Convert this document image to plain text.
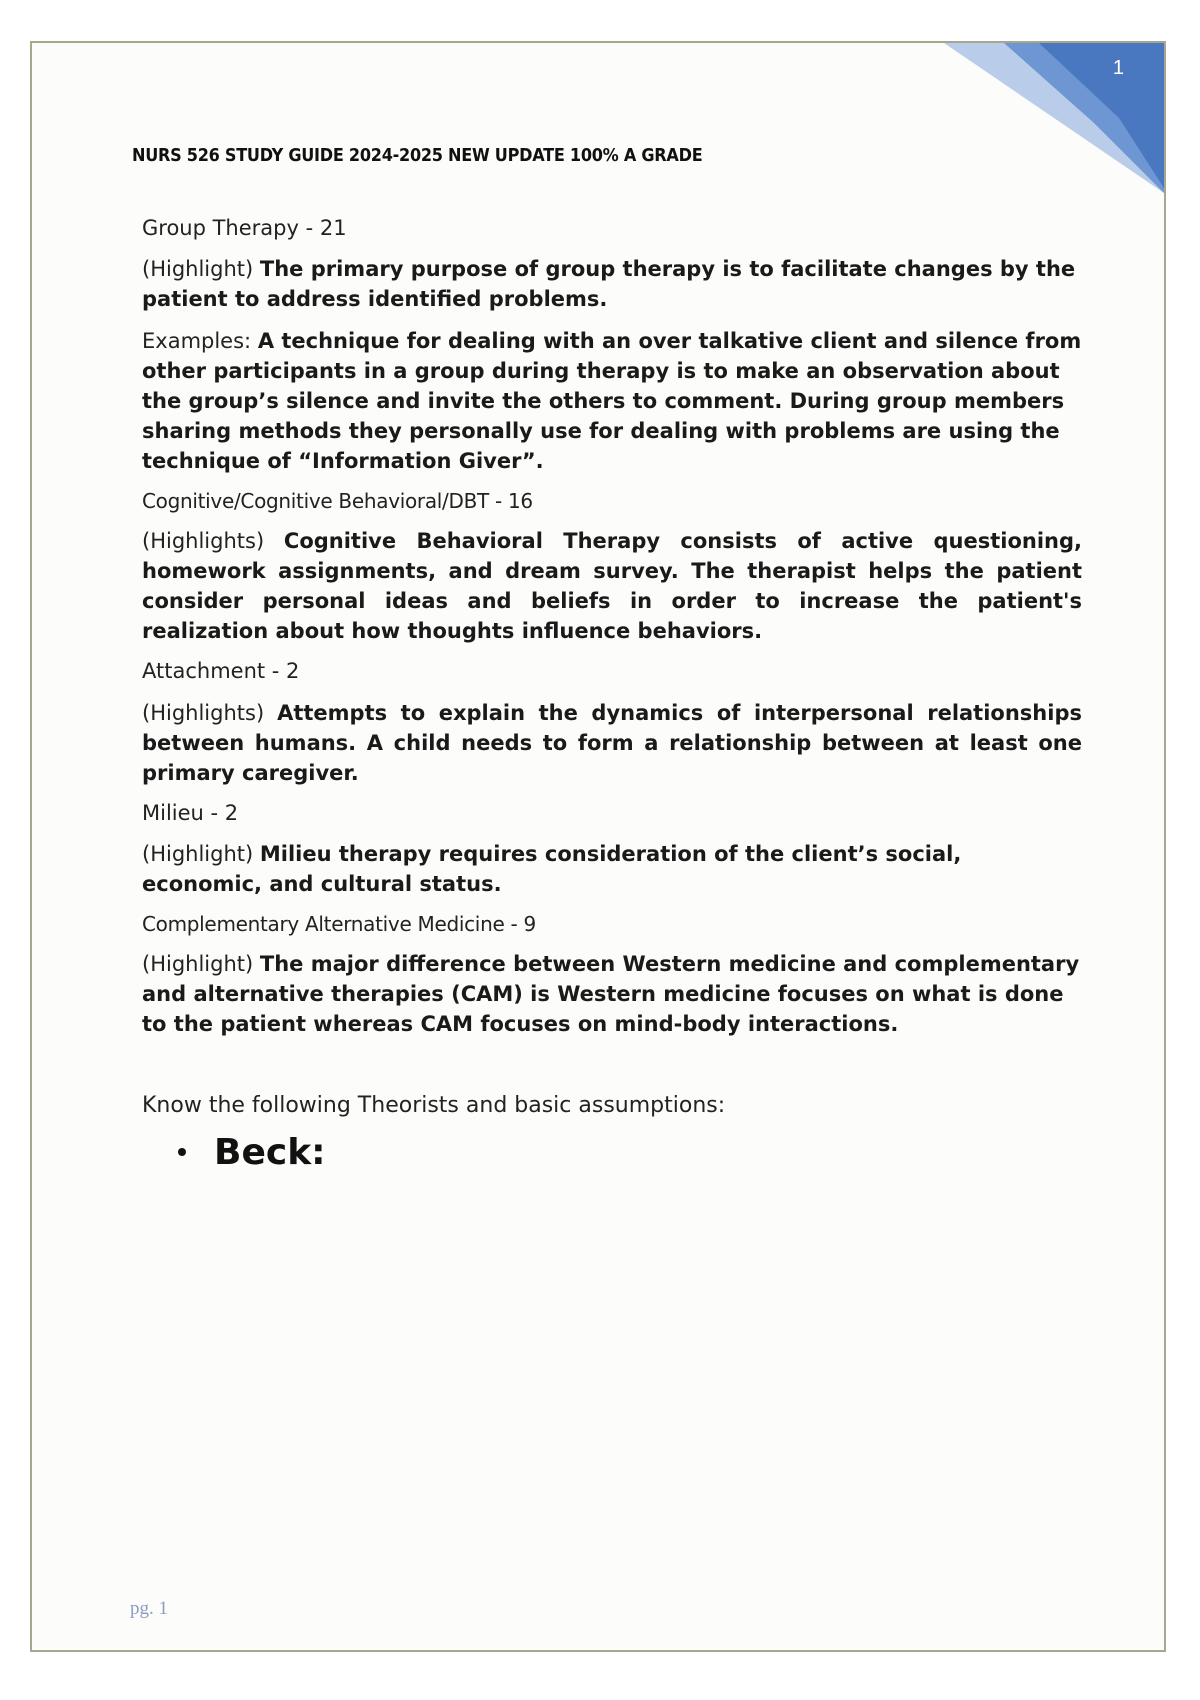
1
NURS 526 STUDY GUIDE 2024-2025 NEW UPDATE 100% A GRADE
Group Therapy - 21

(Highlight) The primary purpose of group therapy is to facilitate changes by the patient to address identified problems.

Examples: A technique for dealing with an over talkative client and silence from other participants in a group during therapy is to make an observation about the group’s silence and invite the others to comment. During group members sharing methods they personally use for dealing with problems are using the technique of “Information Giver”.

Cognitive/Cognitive Behavioral/DBT - 16

(Highlights) Cognitive Behavioral Therapy consists of active questioning, homework assignments, and dream survey. The therapist helps the patient consider personal ideas and beliefs in order to increase the patient's realization about how thoughts influence behaviors.

Attachment - 2

(Highlights) Attempts to explain the dynamics of interpersonal relationships between humans. A child needs to form a relationship between at least one primary caregiver.

Milieu - 2

(Highlight) Milieu therapy requires consideration of the client’s social, economic, and cultural status.

Complementary Alternative Medicine - 9

(Highlight) The major difference between Western medicine and complementary and alternative therapies (CAM) is Western medicine focuses on what is done to the patient whereas CAM focuses on mind-body interactions.

Know the following Theorists and basic assumptions:
Beck:
pg. 1
